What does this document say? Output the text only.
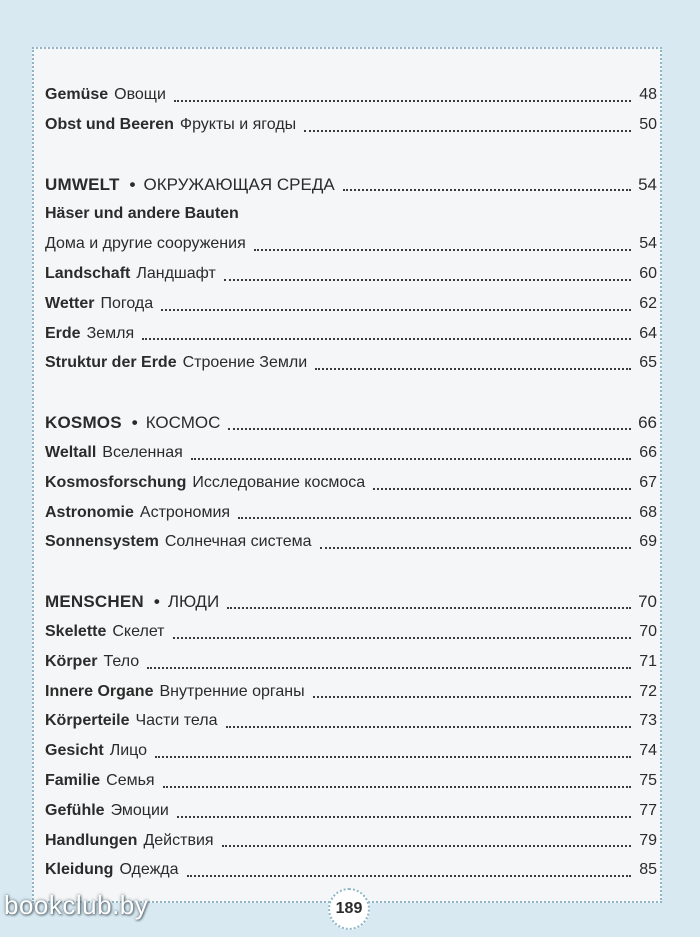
Gemüse Овощи	48
Obst und Beeren Фрукты и ягоды	50
UMWELT • ОКРУЖАЮЩАЯ СРЕДА	54
Häser und andere Bauten
Дома и другие сооружения	54
Landschaft Ландшафт	60
Wetter Погода	62
Erde Земля	64
Struktur der Erde Строение Земли	65
KOSMOS • КОСМОС	66
Weltall Вселенная	66
Kosmosforschung Исследование космоса	67
Astronomie Астрономия	68
Sonnensystem Солнечная система	69
MENSCHEN • ЛЮДИ	70
Skelette Скелет	70
Körper Тело	71
Innere Organe Внутренние органы	72
Körperteile Части тела	73
Gesicht Лицо	74
Familie Семья	75
Gefühle Эмоции	77
Handlungen Действия	79
Kleidung Одежда	85
189
bookclub.by
